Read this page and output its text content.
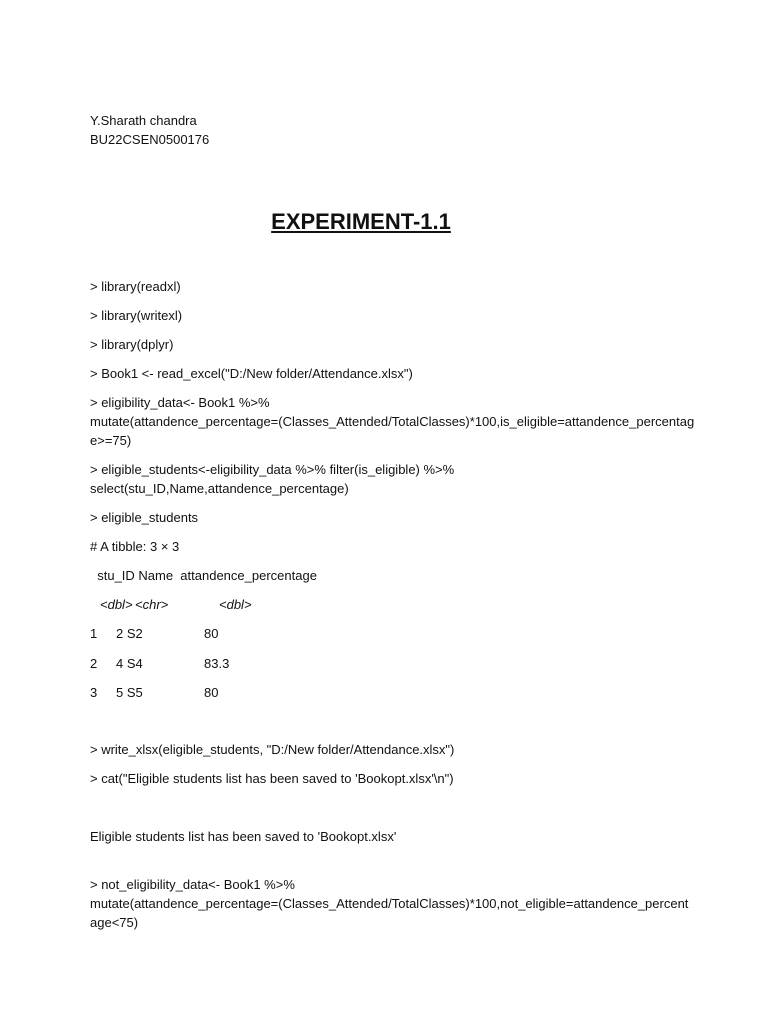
Y.Sharath chandra
BU22CSEN0500176
EXPERIMENT-1.1
> library(readxl)
> library(writexl)
> library(dplyr)
> Book1 <- read_excel("D:/New folder/Attendance.xlsx")
> eligibility_data<- Book1 %>%
mutate(attandence_percentage=(Classes_Attended/TotalClasses)*100,is_eligible=attandence_percentag
e>=75)
> eligible_students<-eligibility_data %>% filter(is_eligible) %>%
select(stu_ID,Name,attandence_percentage)
> eligible_students
# A tibble: 3 × 3
stu_ID Name  attandence_percentage
<dbl> <chr>	<dbl>
1 2 S2	80
2 4 S4	83.3
3 5 S5	80
> write_xlsx(eligible_students, "D:/New folder/Attendance.xlsx")
> cat("Eligible students list has been saved to 'Bookopt.xlsx'\n")
Eligible students list has been saved to 'Bookopt.xlsx'
> not_eligibility_data<- Book1 %>%
mutate(attandence_percentage=(Classes_Attended/TotalClasses)*100,not_eligible=attandence_percent
age<75)
